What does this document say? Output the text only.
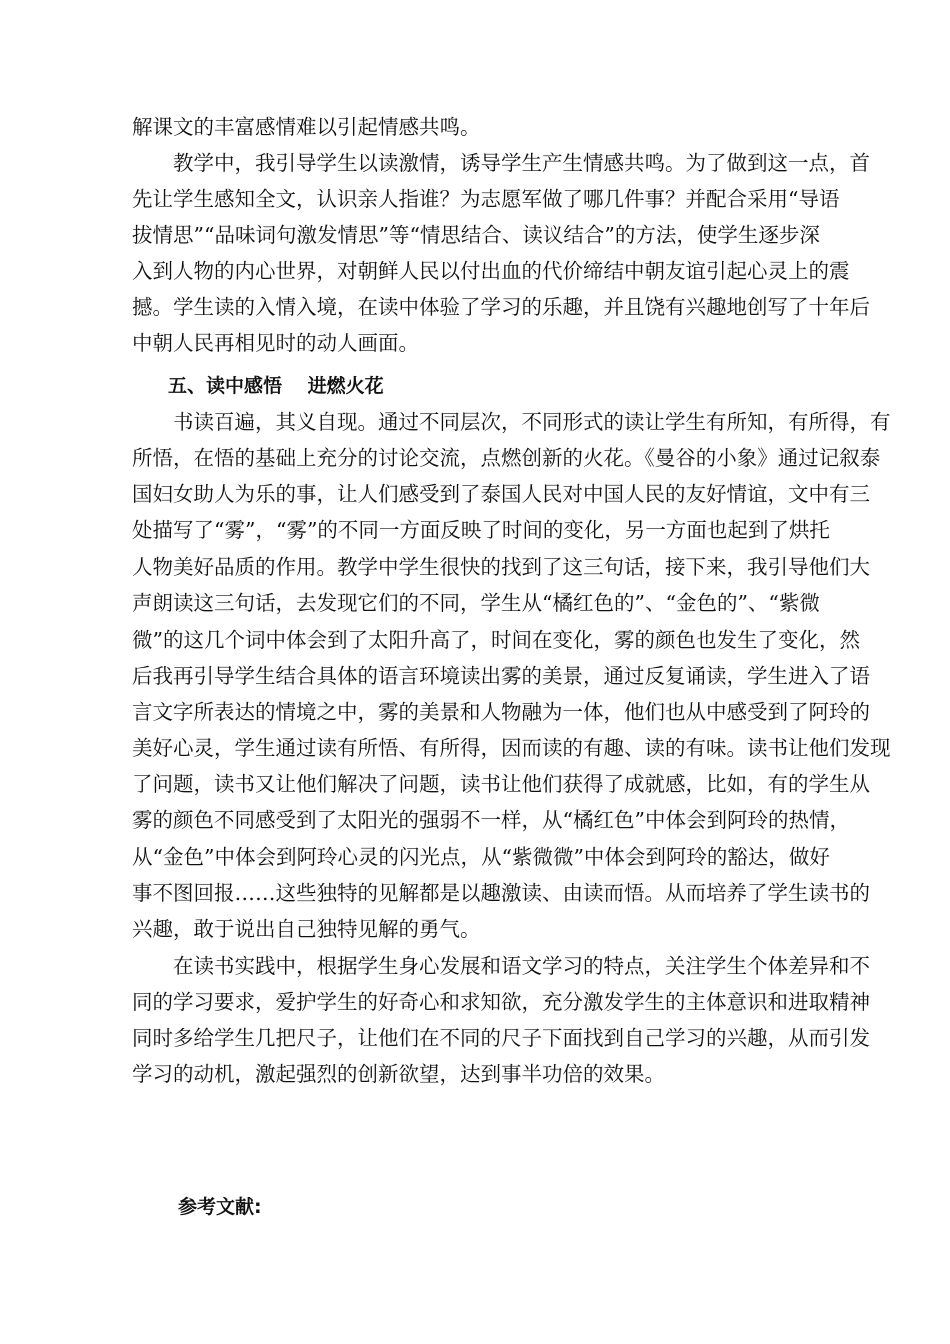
解课文的丰富感情难以引起情感共鸣。

教学中，我引导学生以读激情，诱导学生产生情感共鸣。为了做到这一点，首

先让学生感知全文，认识亲人指谁？为志愿军做了哪几件事？并配合采用“导语

拔情思”“品味词句激发情思”等“情思结合、读议结合”的方法，使学生逐步深

入到人物的内心世界，对朝鲜人民以付出血的代价缔结中朝友谊引起心灵上的震

撼。学生读的入情入境，在读中体验了学习的乐趣，并且饶有兴趣地创写了十年后

中朝人民再相见时的动人画面。

五、读中感悟　 进燃火花

书读百遍，其义自现。通过不同层次，不同形式的读让学生有所知，有所得，有

所悟，在悟的基础上充分的讨论交流，点燃创新的火花。《曼谷的小象》通过记叙泰

国妇女助人为乐的事，让人们感受到了泰国人民对中国人民的友好情谊，文中有三

处描写了“雾”，“雾”的不同一方面反映了时间的变化，另一方面也起到了烘托

人物美好品质的作用。教学中学生很快的找到了这三句话，接下来，我引导他们大

声朗读这三句话，去发现它们的不同，学生从“橘红色的”、“金色的”、“紫微

微”的这几个词中体会到了太阳升高了，时间在变化，雾的颜色也发生了变化，然

后我再引导学生结合具体的语言环境读出雾的美景，通过反复诵读，学生进入了语

言文字所表达的情境之中，雾的美景和人物融为一体，他们也从中感受到了阿玲的

美好心灵，学生通过读有所悟、有所得，因而读的有趣、读的有味。读书让他们发现

了问题，读书又让他们解决了问题，读书让他们获得了成就感，比如，有的学生从

雾的颜色不同感受到了太阳光的强弱不一样，从“橘红色”中体会到阿玲的热情，

从“金色”中体会到阿玲心灵的闪光点，从“紫微微”中体会到阿玲的豁达，做好

事不图回报……这些独特的见解都是以趣激读、由读而悟。从而培养了学生读书的

兴趣，敢于说出自己独特见解的勇气。

在读书实践中，根据学生身心发展和语文学习的特点，关注学生个体差异和不

同的学习要求，爱护学生的好奇心和求知欲，充分激发学生的主体意识和进取精神

同时多给学生几把尺子，让他们在不同的尺子下面找到自己学习的兴趣，从而引发

学习的动机，激起强烈的创新欲望，达到事半功倍的效果。

参考文献:
